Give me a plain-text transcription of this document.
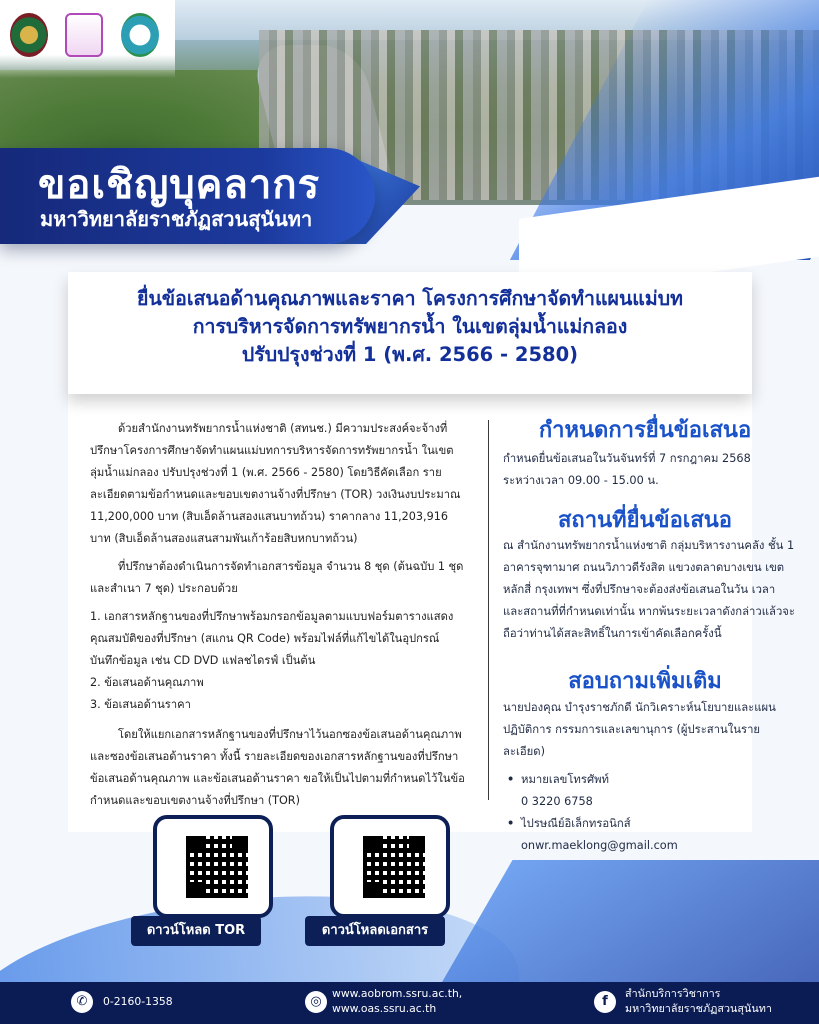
ขอเชิญบุคลากร
มหาวิทยาลัยราชภัฏสวนสุนันทา
ยื่นข้อเสนอด้านคุณภาพและราคา โครงการศึกษาจัดทำแผนแม่บท
การบริหารจัดการทรัพยากรน้ำ ในเขตลุ่มน้ำแม่กลอง
ปรับปรุงช่วงที่ 1 (พ.ศ. 2566 - 2580)

ด้วยสำนักงานทรัพยากรน้ำแห่งชาติ (สทนช.) มีความประสงค์จะจ้างที่ปรึกษาโครงการศึกษาจัดทำแผนแม่บทการบริหารจัดการทรัพยากรน้ำ ในเขตลุ่มน้ำแม่กลอง ปรับปรุงช่วงที่ 1 (พ.ศ. 2566 - 2580) โดยวิธีคัดเลือก รายละเอียดตามข้อกำหนดและขอบเขตงานจ้างที่ปรึกษา (TOR) วงเงินงบประมาณ 11,200,000 บาท (สิบเอ็ดล้านสองแสนบาทถ้วน) ราคากลาง 11,203,916 บาท (สิบเอ็ดล้านสองแสนสามพันเก้าร้อยสิบหกบาทถ้วน)

ที่ปรึกษาต้องดำเนินการจัดทำเอกสารข้อมูล จำนวน 8 ชุด (ต้นฉบับ 1 ชุด และสำเนา 7 ชุด) ประกอบด้วย

1. เอกสารหลักฐานของที่ปรึกษาพร้อมกรอกข้อมูลตามแบบฟอร์มตารางแสดงคุณสมบัติของที่ปรึกษา (สแกน QR Code) พร้อมไฟล์ที่แก้ไขได้ในอุปกรณ์บันทึกข้อมูล เช่น CD DVD แฟลชไดรฟ์ เป็นต้น
2. ข้อเสนอด้านคุณภาพ
3. ข้อเสนอด้านราคา

โดยให้แยกเอกสารหลักฐานของที่ปรึกษาไว้นอกซองข้อเสนอด้านคุณภาพและซองข้อเสนอด้านราคา ทั้งนี้ รายละเอียดของเอกสารหลักฐานของที่ปรึกษา ข้อเสนอด้านคุณภาพ และข้อเสนอด้านราคา ขอให้เป็นไปตามที่กำหนดไว้ในข้อกำหนดและขอบเขตงานจ้างที่ปรึกษา (TOR)

กำหนดการยื่นข้อเสนอ
กำหนดยื่นข้อเสนอในวันจันทร์ที่ 7 กรกฎาคม 2568
ระหว่างเวลา 09.00 - 15.00 น.
สถานที่ยื่นข้อเสนอ
ณ สำนักงานทรัพยากรน้ำแห่งชาติ กลุ่มบริหารงานคลัง ชั้น 1 อาคารจุฑามาศ ถนนวิภาวดีรังสิต แขวงตลาดบางเขน เขตหลักสี่ กรุงเทพฯ ซึ่งที่ปรึกษาจะต้องส่งข้อเสนอในวัน เวลา และสถานที่ที่กำหนดเท่านั้น หากพ้นระยะเวลาดังกล่าวแล้วจะถือว่าท่านได้สละสิทธิ์ในการเข้าคัดเลือกครั้งนี้
สอบถามเพิ่มเติม
นายปองคุณ บำรุงราชภักดี นักวิเคราะห์นโยบายและแผนปฏิบัติการ กรรมการและเลขานุการ (ผู้ประสานในรายละเอียด)
• หมายเลขโทรศัพท์
0 3220 6758
• ไปรษณีย์อิเล็กทรอนิกส์
onwr.maeklong@gmail.com
ดาวน์โหลด TOR	ดาวน์โหลดเอกสาร
✆	0-2160-1358	◎
www.aobrom.ssru.ac.th,
www.oas.ssru.ac.th	f
สำนักบริการวิชาการ
มหาวิทยาลัยราชภัฏสวนสุนันทา
